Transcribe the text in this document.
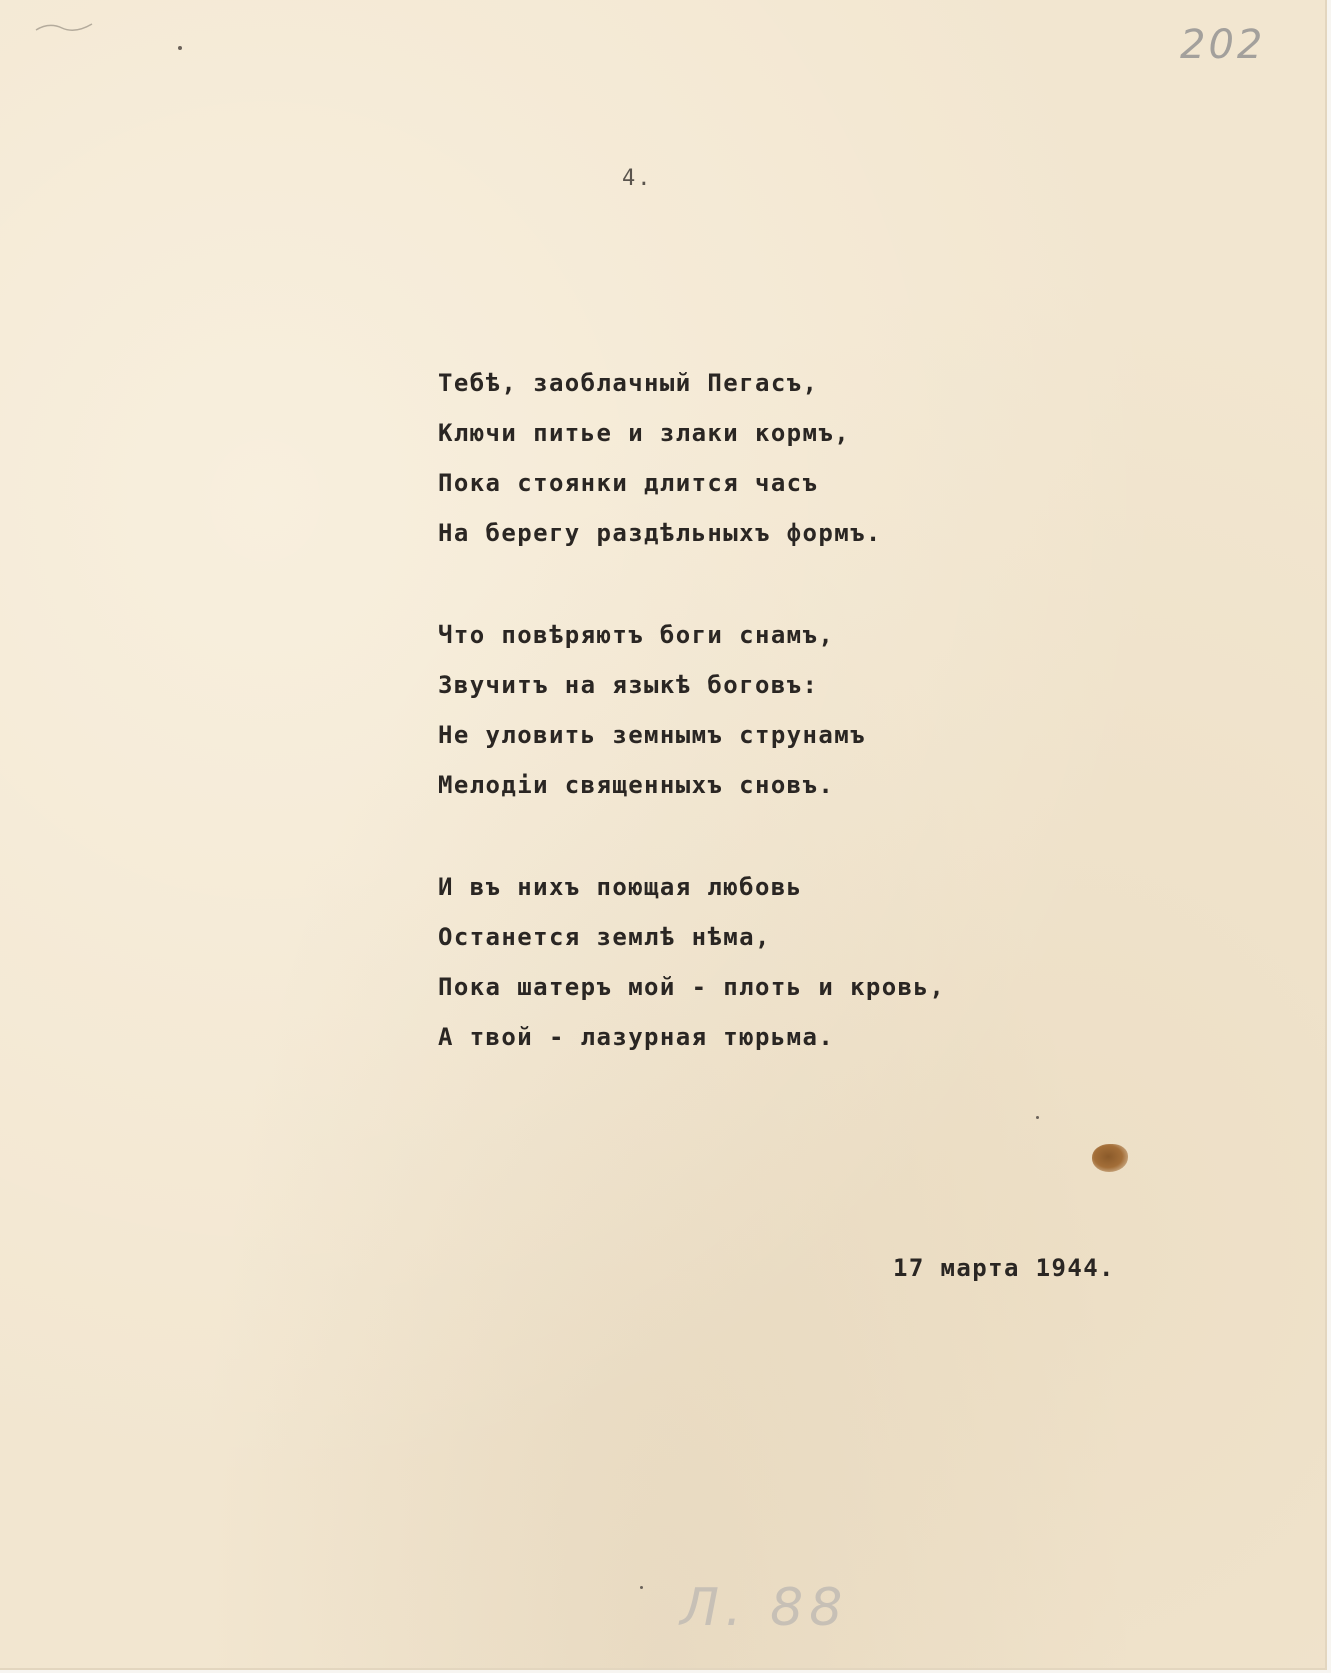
202
4.
Тебѣ, заоблачный Пегасъ,
Ключи питье и злаки кормъ,
Пока стоянки длится часъ
На берегу раздѣльныхъ формъ.
Что повѣряютъ боги снамъ,
Звучитъ на языкѣ боговъ:
Не уловить земнымъ струнамъ
Мелодіи священныхъ сновъ.
И въ нихъ поющая любовь
Останется землѣ нѣма,
Пока шатеръ мой - плоть и кровь,
А твой - лазурная тюрьма.
17 марта 1944.
Л. 88
